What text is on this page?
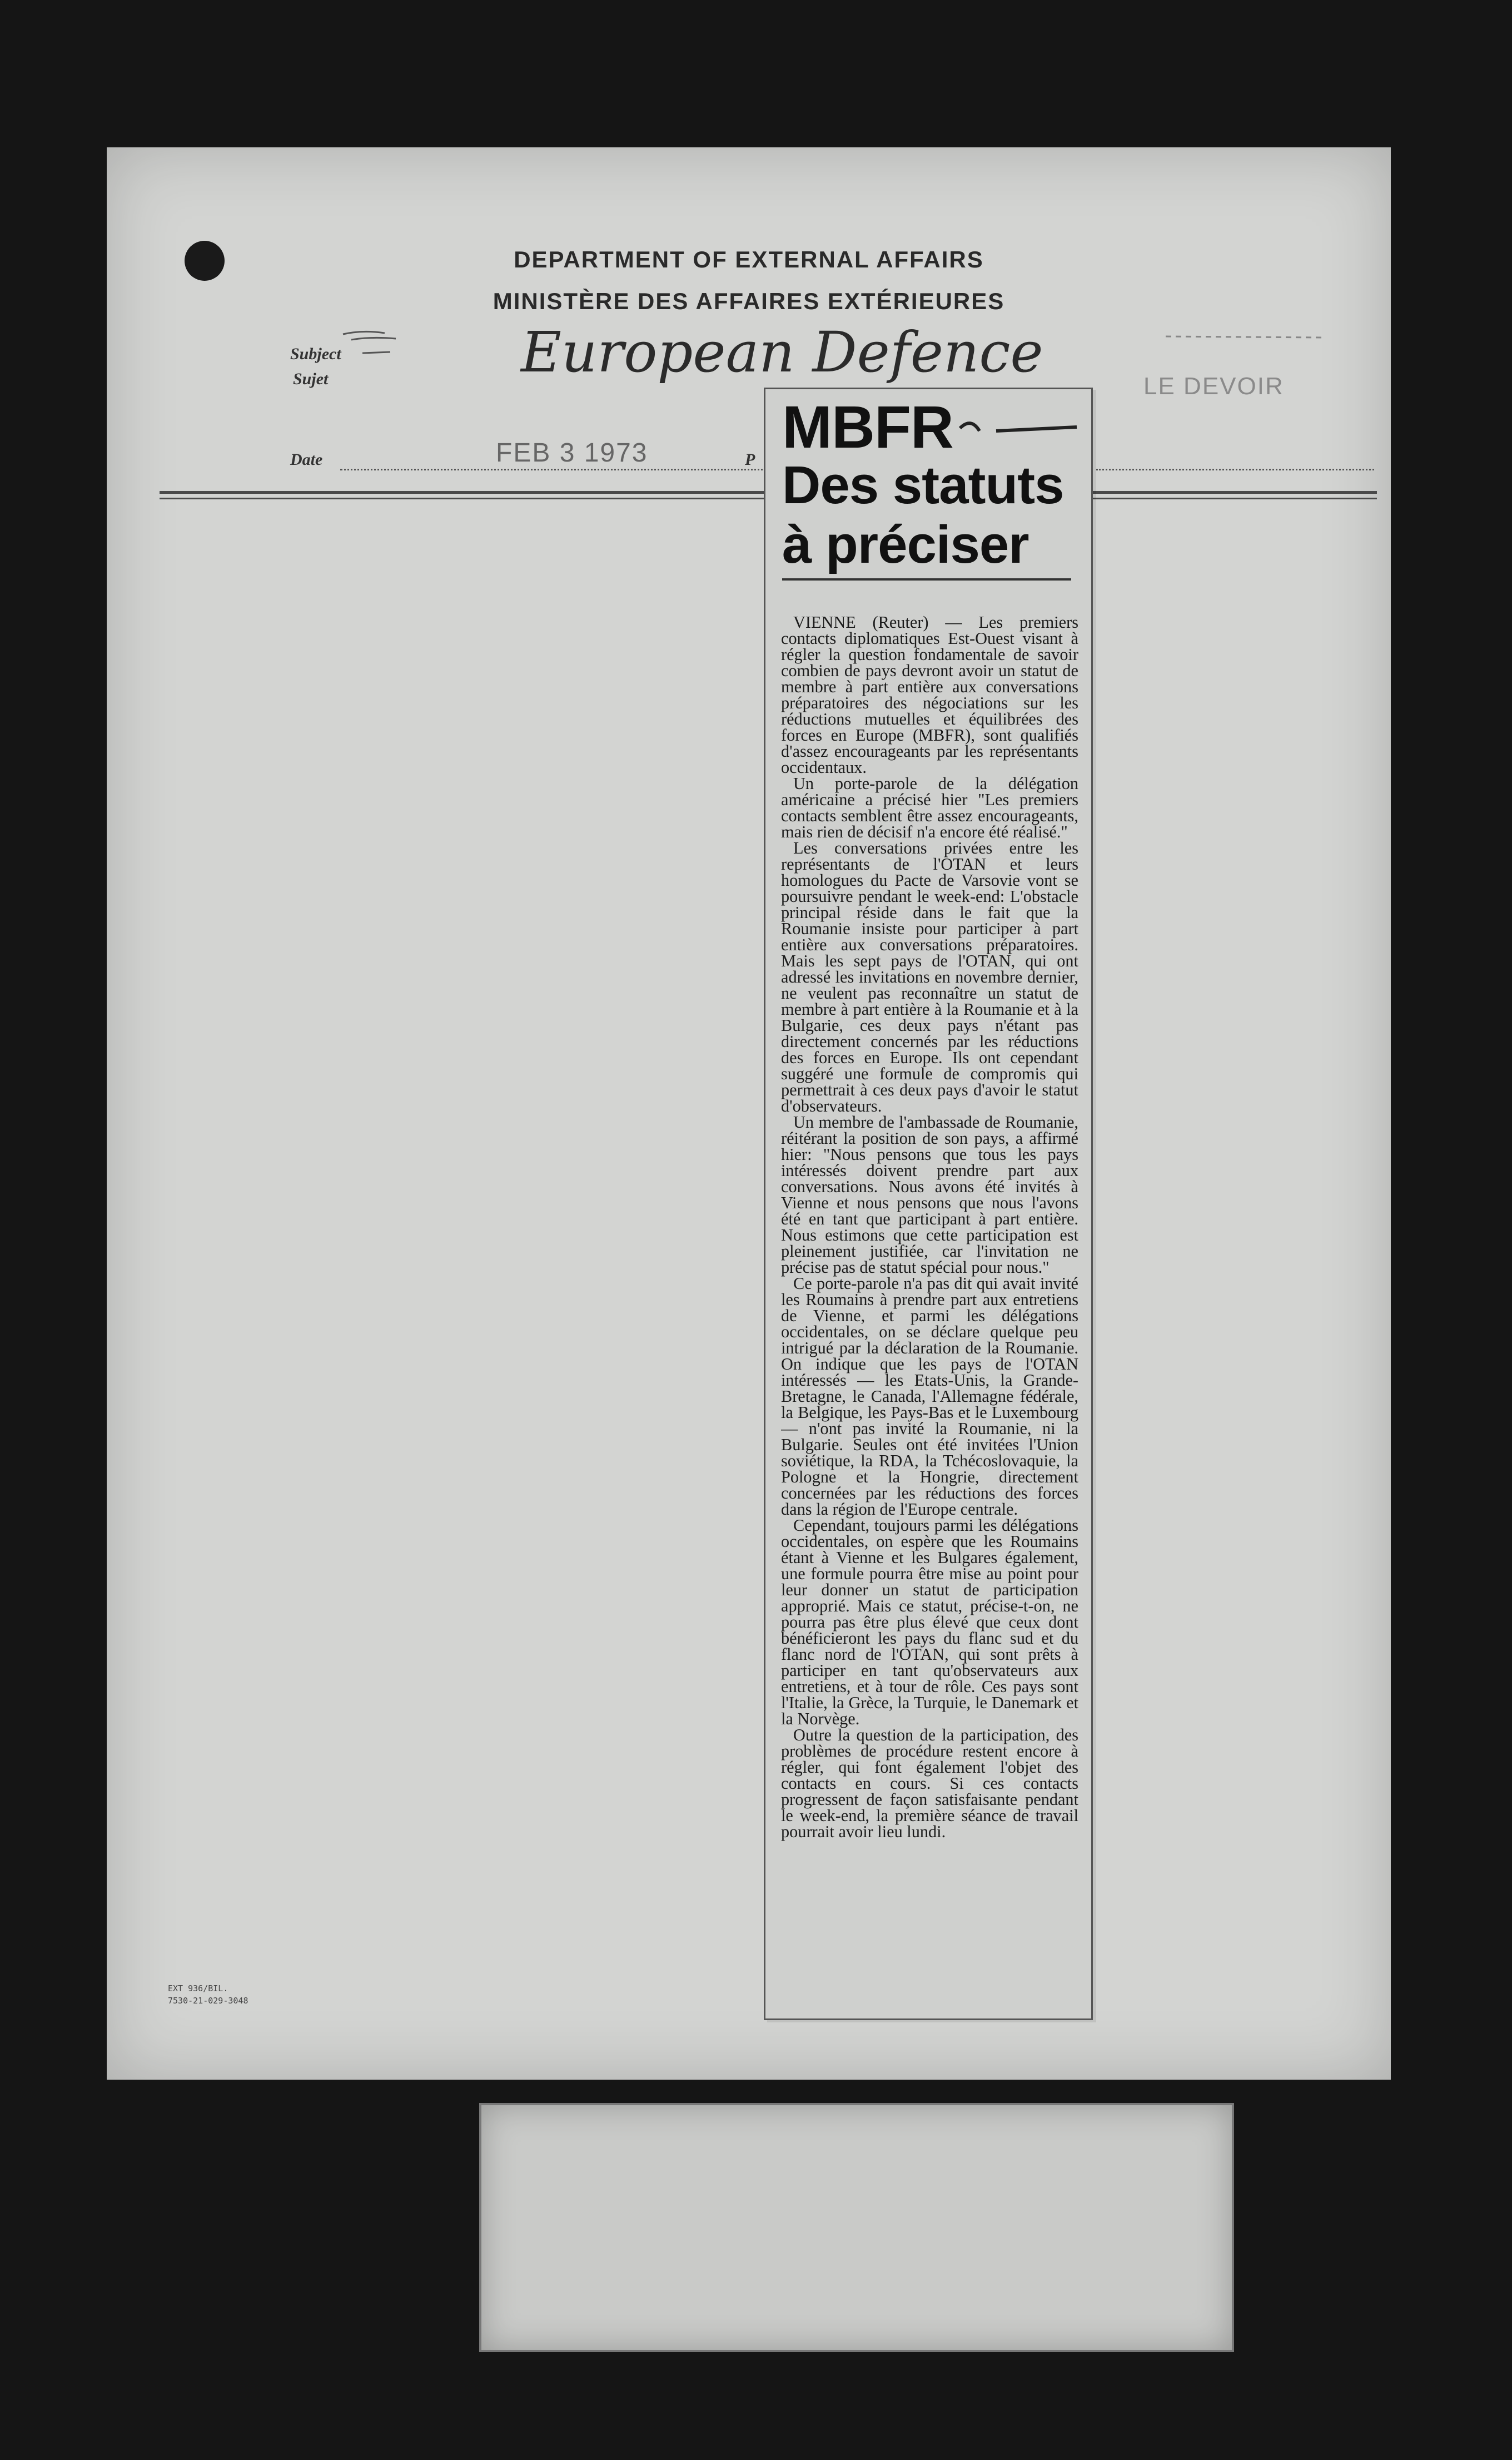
DEPARTMENT OF EXTERNAL AFFAIRS
MINISTÈRE DES AFFAIRES EXTÉRIEURES
Subject
Sujet	European Defence
LE DEVOIR
Date	FEB 3 1973	P MBFR
Des statuts
à préciser

VIENNE (Reuter) — Les premiers contacts diplomatiques Est-Ouest visant à régler la question fondamentale de savoir combien de pays devront avoir un statut de membre à part entière aux conversations préparatoires des négociations sur les réductions mutuelles et équilibrées des forces en Europe (MBFR), sont qualifiés d'assez encourageants par les représentants occidentaux.

Un porte-parole de la délégation américaine a précisé hier "Les premiers contacts semblent être assez encourageants, mais rien de décisif n'a encore été réalisé."

Les conversations privées entre les représentants de l'OTAN et leurs homologues du Pacte de Varsovie vont se poursuivre pendant le week-end: L'obstacle principal réside dans le fait que la Roumanie insiste pour participer à part entière aux conversations préparatoires. Mais les sept pays de l'OTAN, qui ont adressé les invitations en novembre dernier, ne veulent pas reconnaître un statut de membre à part entière à la Roumanie et à la Bulgarie, ces deux pays n'étant pas directement concernés par les réductions des forces en Europe. Ils ont cependant suggéré une formule de compromis qui permettrait à ces deux pays d'avoir le statut d'observateurs.

Un membre de l'ambassade de Roumanie, réitérant la position de son pays, a affirmé hier: "Nous pensons que tous les pays intéressés doivent prendre part aux conversations. Nous avons été invités à Vienne et nous pensons que nous l'avons été en tant que participant à part entière. Nous estimons que cette participation est pleinement justifiée, car l'invitation ne précise pas de statut spécial pour nous."

Ce porte-parole n'a pas dit qui avait invité les Roumains à prendre part aux entretiens de Vienne, et parmi les délégations occidentales, on se déclare quelque peu intrigué par la déclaration de la Roumanie. On indique que les pays de l'OTAN intéressés — les Etats-Unis, la Grande-Bretagne, le Canada, l'Allemagne fédérale, la Belgique, les Pays-Bas et le Luxembourg — n'ont pas invité la Roumanie, ni la Bulgarie. Seules ont été invitées l'Union soviétique, la RDA, la Tchécoslovaquie, la Pologne et la Hongrie, directement concernées par les réductions des forces dans la région de l'Europe centrale.

Cependant, toujours parmi les délégations occidentales, on espère que les Roumains étant à Vienne et les Bulgares également, une formule pourra être mise au point pour leur donner un statut de participation approprié. Mais ce statut, précise-t-on, ne pourra pas être plus élevé que ceux dont bénéficieront les pays du flanc sud et du flanc nord de l'OTAN, qui sont prêts à participer en tant qu'observateurs aux entretiens, et à tour de rôle. Ces pays sont l'Italie, la Grèce, la Turquie, le Danemark et la Norvège.

Outre la question de la participation, des problèmes de procédure restent encore à régler, qui font également l'objet des contacts en cours. Si ces contacts progressent de façon satisfaisante pendant le week-end, la première séance de travail pourrait avoir lieu lundi.

EXT 936/BIL.
7530-21-029-3048
